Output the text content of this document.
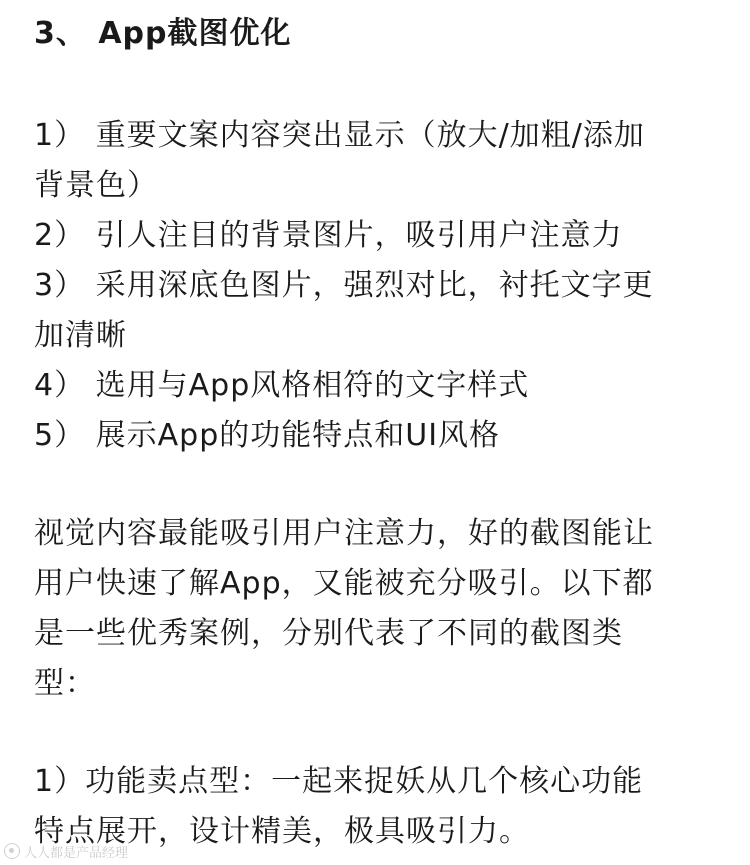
3、 App截图优化
1） 重要文案内容突出显示（放大/加粗/添加
背景色）
2） 引人注目的背景图片，吸引用户注意力
3） 采用深底色图片，强烈对比，衬托文字更
加清晰
4） 选用与App风格相符的文字样式
5） 展示App的功能特点和UI风格
视觉内容最能吸引用户注意力，好的截图能让
用户快速了解App，又能被充分吸引。以下都
是一些优秀案例，分别代表了不同的截图类
型：
1）功能卖点型：一起来捉妖从几个核心功能
特点展开，设计精美，极具吸引力。
人人都是产品经理
